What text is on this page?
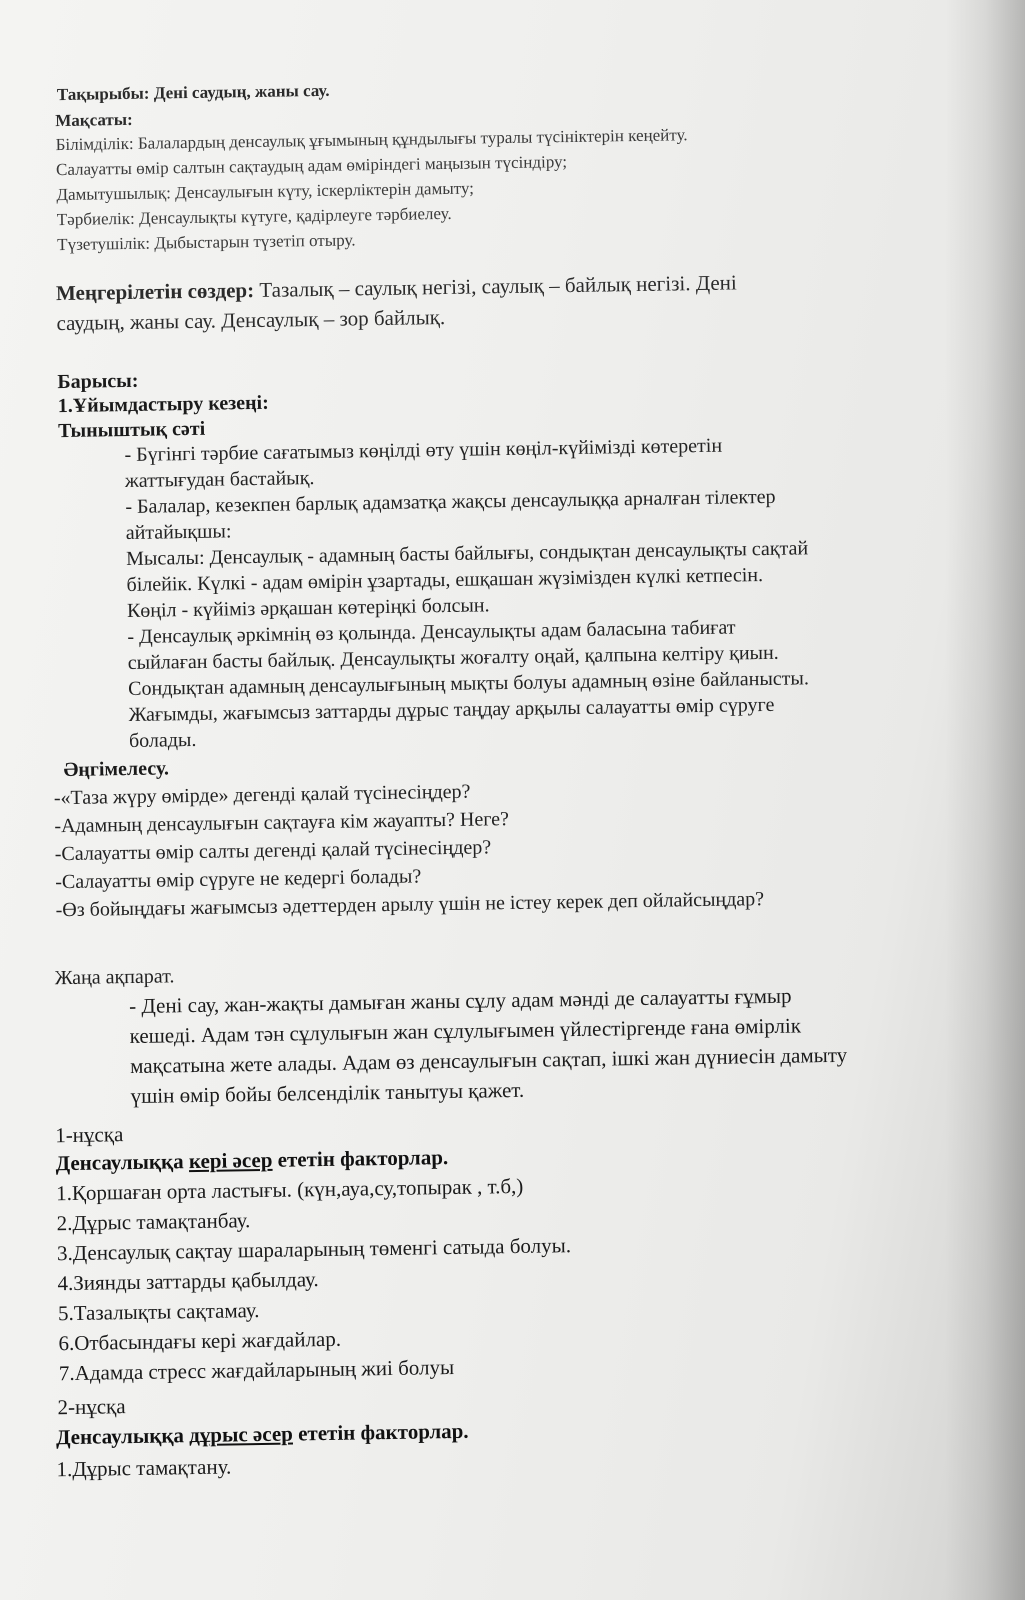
Тақырыбы: Дені саудың, жаны сау.
Мақсаты:
Білімділік: Балалардың денсаулық ұғымының құндылығы туралы түсініктерін кеңейту.
Салауатты өмір салтын сақтаудың адам өміріндегі маңызын түсіндіру;
Дамытушылық: Денсаулығын күту, іскерліктерін дамыту;
Тәрбиелік: Денсаулықты күтуге, қадірлеуге тәрбиелеу.
Түзетушілік: Дыбыстарын түзетіп отыру.
Меңгерілетін сөздер: Тазалық – саулық негізі, саулық – байлық негізі. Дені
саудың, жаны сау. Денсаулық – зор байлық.
Барысы:
1.Ұйымдастыру кезеңі:
Тыныштық сәті
- Бүгінгі тәрбие сағатымыз көңілді өту үшін көңіл-күйімізді көтеретін
жаттығудан бастайық.
- Балалар, кезекпен барлық адамзатқа жақсы денсаулыққа арналған тілектер
айтайықшы:
Мысалы: Денсаулық - адамның басты байлығы, сондықтан денсаулықты сақтай
білейік. Күлкі - адам өмірін ұзартады, ешқашан жүзімізден күлкі кетпесін.
Көңіл - күйіміз әрқашан көтеріңкі болсын.
- Денсаулық әркімнің өз қолында. Денсаулықты адам баласына табиғат
сыйлаған басты байлық. Денсаулықты жоғалту оңай, қалпына келтіру қиын.
Сондықтан адамның денсаулығының мықты болуы адамның өзіне байланысты.
Жағымды, жағымсыз заттарды дұрыс таңдау арқылы салауатты өмір сүруге
болады.
Әңгімелесу.
-«Таза жүру өмірде» дегенді қалай түсінесіңдер?
-Адамның денсаулығын сақтауға кім жауапты? Неге?
-Салауатты өмір салты дегенді қалай түсінесіңдер?
-Салауатты өмір сүруге не кедергі болады?
-Өз бойыңдағы жағымсыз әдеттерден арылу үшін не істеу керек деп ойлайсыңдар?
Жаңа ақпарат.
- Дені сау, жан-жақты дамыған жаны сұлу адам мәнді де салауатты ғұмыр
кешеді. Адам тән сұлулығын жан сұлулығымен үйлестіргенде ғана өмірлік
мақсатына жете алады. Адам өз денсаулығын сақтап, ішкі жан дүниесін дамыту
үшін өмір бойы белсенділік танытуы қажет.
1-нұсқа
Денсаулыққа кері әсер ететін факторлар.
1.Қоршаған орта ластығы. (күн,ауа,су,топырак , т.б,)
2.Дұрыс тамақтанбау.
3.Денсаулық сақтау шараларының төменгі сатыда болуы.
4.Зиянды заттарды қабылдау.
5.Тазалықты сақтамау.
6.Отбасындағы кері жағдайлар.
7.Адамда стресс жағдайларының жиі болуы
2-нұсқа
Денсаулыққа дұрыс әсер ететін факторлар.
1.Дұрыс тамақтану.
